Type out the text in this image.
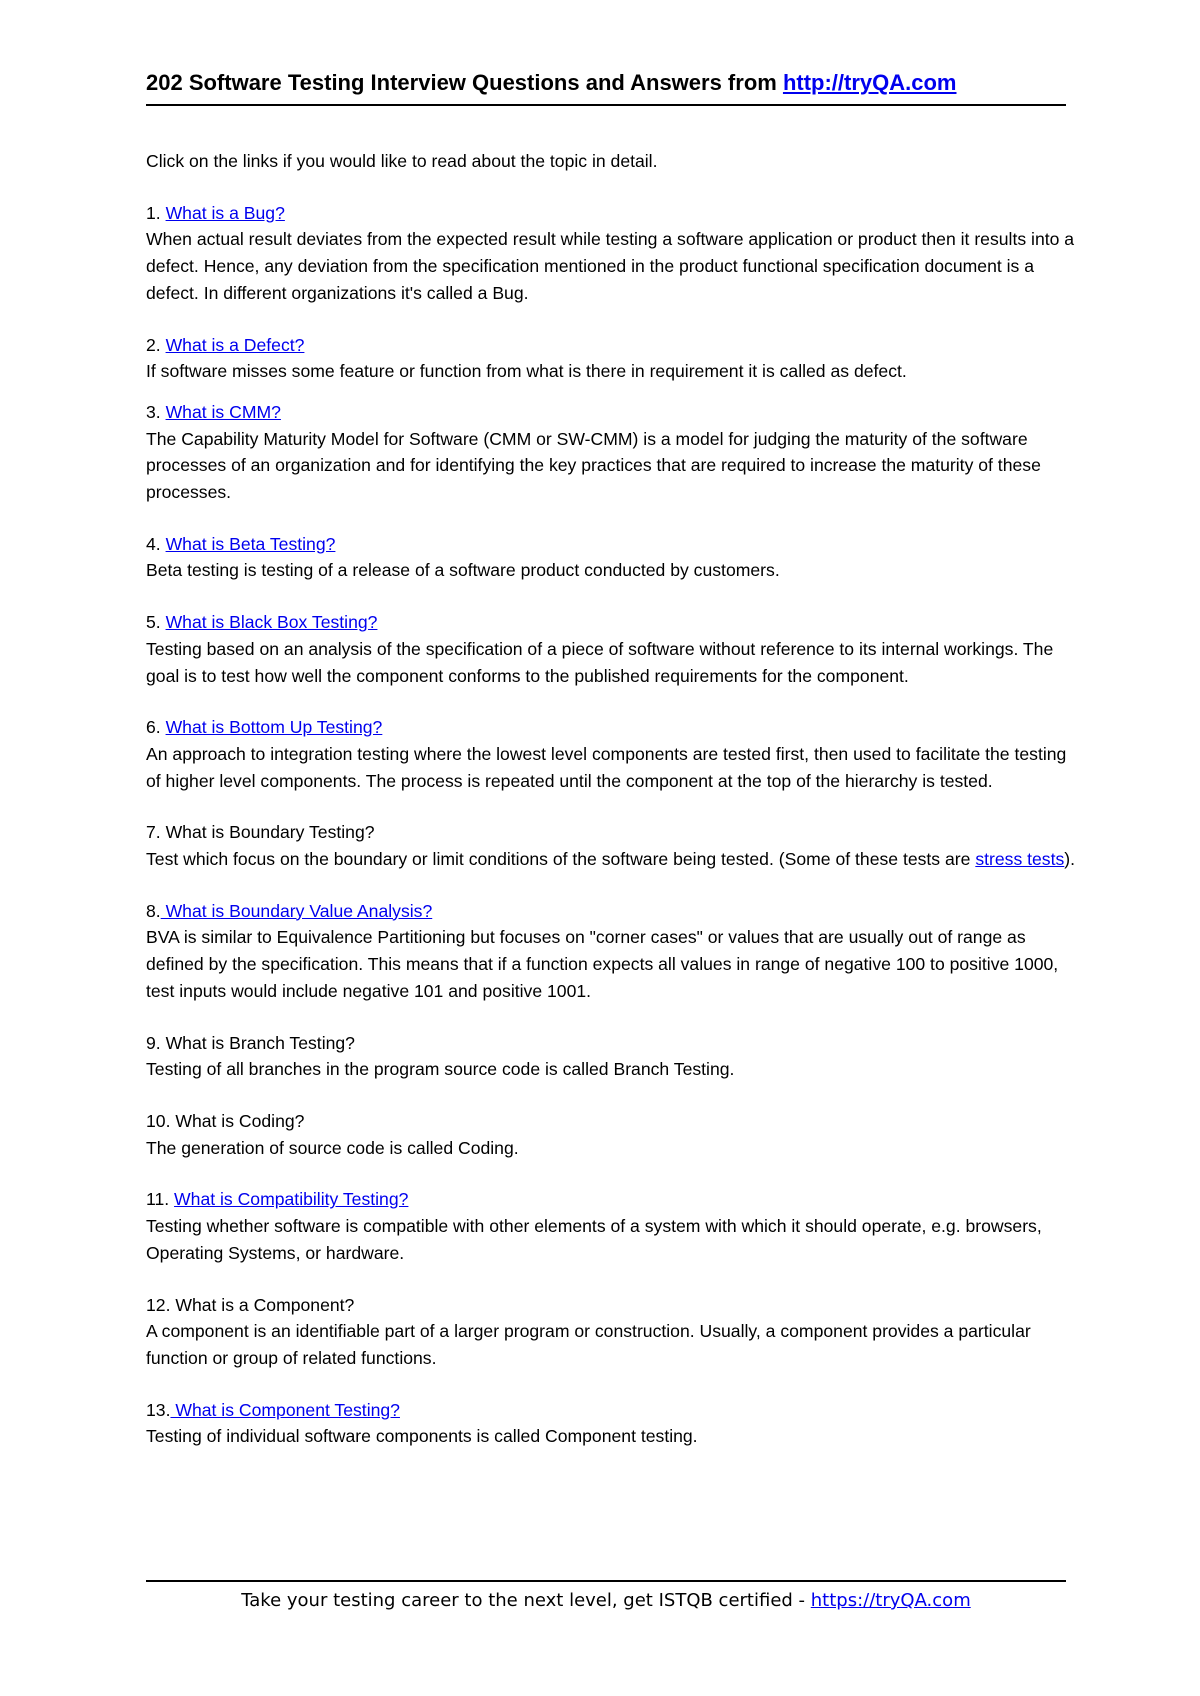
202 Software Testing Interview Questions and Answers from http://tryQA.com

Click on the links if you would like to read about the topic in detail.

1. What is a Bug?
When actual result deviates from the expected result while testing a software application or product then it results into a defect. Hence, any deviation from the specification mentioned in the product functional specification document is a defect. In different organizations it's called a Bug.
2. What is a Defect?
If software misses some feature or function from what is there in requirement it is called as defect.
3. What is CMM?
The Capability Maturity Model for Software (CMM or SW-CMM) is a model for judging the maturity of the software processes of an organization and for identifying the key practices that are required to increase the maturity of these processes.
4. What is Beta Testing?
Beta testing is testing of a release of a software product conducted by customers.
5. What is Black Box Testing?
Testing based on an analysis of the specification of a piece of software without reference to its internal workings. The goal is to test how well the component conforms to the published requirements for the component.
6. What is Bottom Up Testing?
An approach to integration testing where the lowest level components are tested first, then used to facilitate the testing of higher level components. The process is repeated until the component at the top of the hierarchy is tested.
7. What is Boundary Testing?
Test which focus on the boundary or limit conditions of the software being tested. (Some of these tests are stress tests).
8. What is Boundary Value Analysis?
BVA is similar to Equivalence Partitioning but focuses on "corner cases" or values that are usually out of range as defined by the specification. This means that if a function expects all values in range of negative 100 to positive 1000, test inputs would include negative 101 and positive 1001.
9. What is Branch Testing?
Testing of all branches in the program source code is called Branch Testing.
10. What is Coding?
The generation of source code is called Coding.
11. What is Compatibility Testing?
Testing whether software is compatible with other elements of a system with which it should operate, e.g. browsers, Operating Systems, or hardware.
12. What is a Component?
A component is an identifiable part of a larger program or construction. Usually, a component provides a particular function or group of related functions.
13. What is Component Testing?
Testing of individual software components is called Component testing.
Take your testing career to the next level, get ISTQB certified - https://tryQA.com
